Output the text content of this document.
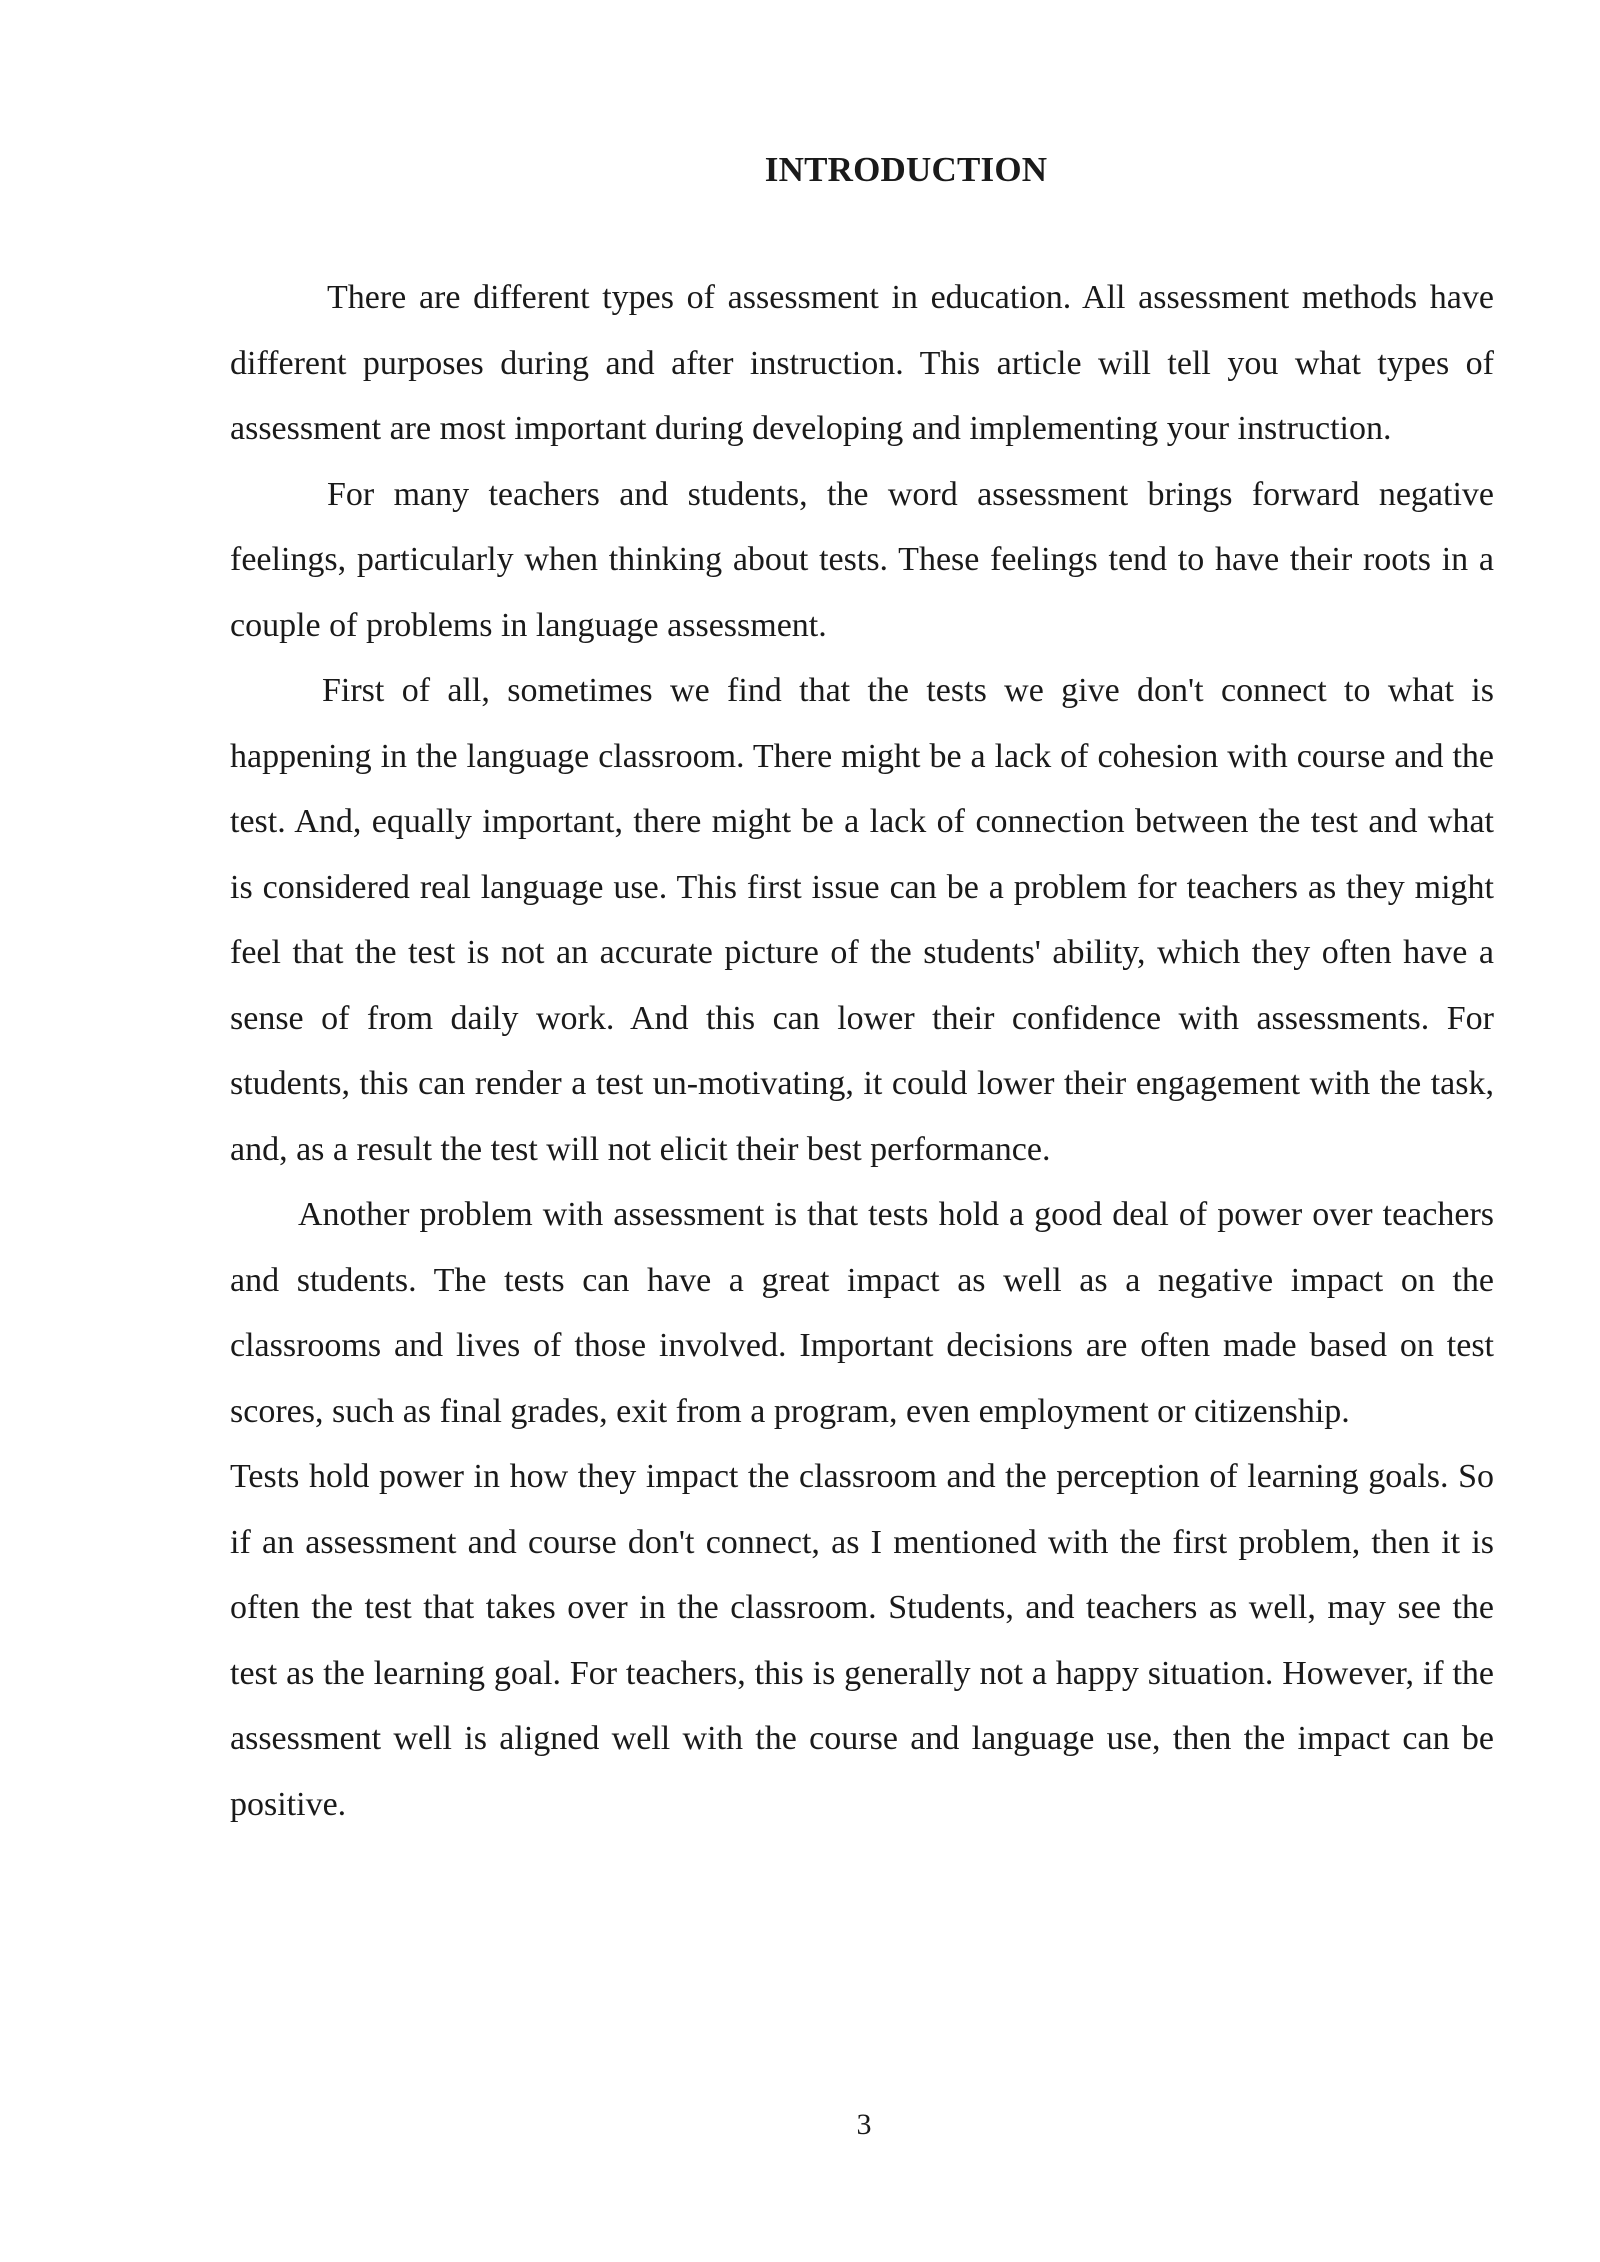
INTRODUCTION

There are different types of assessment in education. All assessment methods have different purposes during and after instruction. This article will tell you what types of assessment are most important during developing and implementing your instruction.

For many teachers and students, the word assessment brings forward negative feelings, particularly when thinking about tests. These feelings tend to have their roots in a couple of problems in language assessment.

First of all, sometimes we find that the tests we give don't connect to what is happening in the language classroom. There might be a lack of cohesion with course and the test. And, equally important, there might be a lack of connection between the test and what is considered real language use. This first issue can be a problem for teachers as they might feel that the test is not an accurate picture of the students' ability, which they often have a sense of from daily work. And this can lower their confidence with assessments. For students, this can render a test un-motivating, it could lower their engagement with the task, and, as a result the test will not elicit their best performance.

Another problem with assessment is that tests hold a good deal of power over teachers and students. The tests can have a great impact as well as a negative impact on the classrooms and lives of those involved. Important decisions are often made based on test scores, such as final grades, exit from a program, even employment or citizenship.

Tests hold power in how they impact the classroom and the perception of learning goals. So if an assessment and course don't connect, as I mentioned with the first problem, then it is often the test that takes over in the classroom. Students, and teachers as well, may see the test as the learning goal. For teachers, this is generally not a happy situation. However, if the assessment well is aligned well with the course and language use, then the impact can be positive.

3
